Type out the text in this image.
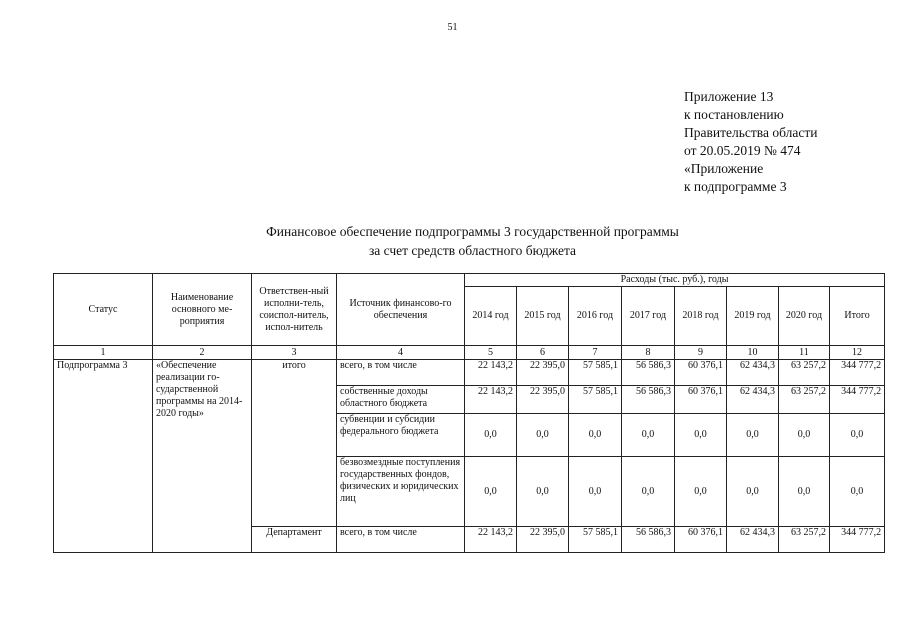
51
Приложение 13
к постановлению
Правительства области
от 20.05.2019 № 474
«Приложение
к подпрограмме 3
Финансовое обеспечение подпрограммы 3 государственной программы
за счет средств областного бюджета
Статус	Наименование основного ме-роприятия	Ответствен-ный исполни-тель, соиспол-нитель, испол-нитель	Источник финансово-го обеспечения	Расходы (тыс. руб.), годы							
				2014 год	2015 год	2016 год	2017 год	2018 год	2019 год	2020 год	Итого
1	2	3	4	5	6	7	8	9	10	11	12
Подпрограмма 3	«Обеспечение реализации го-сударственной программы на 2014-2020 годы»	итого	всего, в том числе	22 143,2	22 395,0	57 585,1	56 586,3	60 376,1	62 434,3	63 257,2	344 777,2
			собственные доходы областного бюджета	22 143,2	22 395,0	57 585,1	56 586,3	60 376,1	62 434,3	63 257,2	344 777,2
			субвенции и субсидии федерального бюджета	0,0	0,0	0,0	0,0	0,0	0,0	0,0	0,0
			безвозмездные поступления государственных фондов, физических и юридических лиц	0,0	0,0	0,0	0,0	0,0	0,0	0,0	0,0
		Департамент	всего, в том числе	22 143,2	22 395,0	57 585,1	56 586,3	60 376,1	62 434,3	63 257,2	344 777,2
